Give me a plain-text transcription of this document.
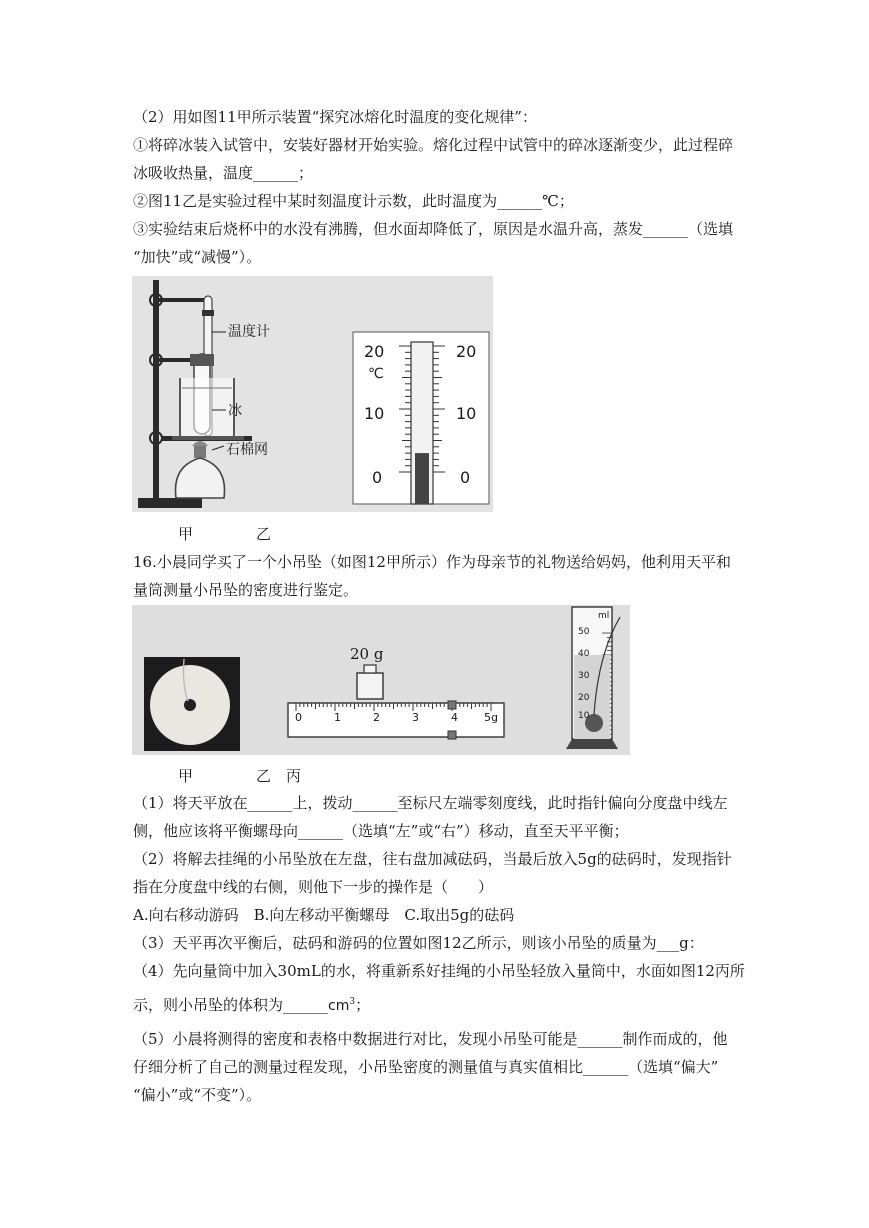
（2）用如图11甲所示装置“探究冰熔化时温度的变化规律”：
①将碎冰装入试管中，安装好器材开始实验。熔化过程中试管中的碎冰逐渐变少，此过程碎
冰吸收热量，温度______；
②图11乙是实验过程中某时刻温度计示数，此时温度为______℃；
③实验结束后烧杯中的水没有沸腾，但水面却降低了，原因是水温升高，蒸发______（选填
“加快”或“减慢”）。
温度计
冰
石棉网
20
℃
10
0
20
10
0
甲	乙
16.小晨同学买了一个小吊坠（如图12甲所示）作为母亲节的礼物送给妈妈，他利用天平和
量筒测量小吊坠的密度进行鉴定。
20 g
0	1	2	3	4 5g
ml
50
40
30
20
10
甲	乙 丙
（1）将天平放在______上，拨动______至标尺左端零刻度线，此时指针偏向分度盘中线左
侧，他应该将平衡螺母向______（选填“左”或“右”）移动，直至天平平衡；
（2）将解去挂绳的小吊坠放在左盘，往右盘加减砝码，当最后放入5g的砝码时，发现指针
指在分度盘中线的右侧，则他下一步的操作是（　　）
A.向右移动游码　B.向左移动平衡螺母　C.取出5g的砝码
（3）天平再次平衡后，砝码和游码的位置如图12乙所示，则该小吊坠的质量为___g：
（4）先向量筒中加入30mL的水，将重新系好挂绳的小吊坠轻放入量筒中，水面如图12丙所
示，则小吊坠的体积为$\_\_\_\_\_\_cm^3$；
（5）小晨将测得的密度和表格中数据进行对比，发现小吊坠可能是______制作而成的，他
仔细分析了自己的测量过程发现，小吊坠密度的测量值与真实值相比______（选填“偏大”
“偏小”或“不变”）。
